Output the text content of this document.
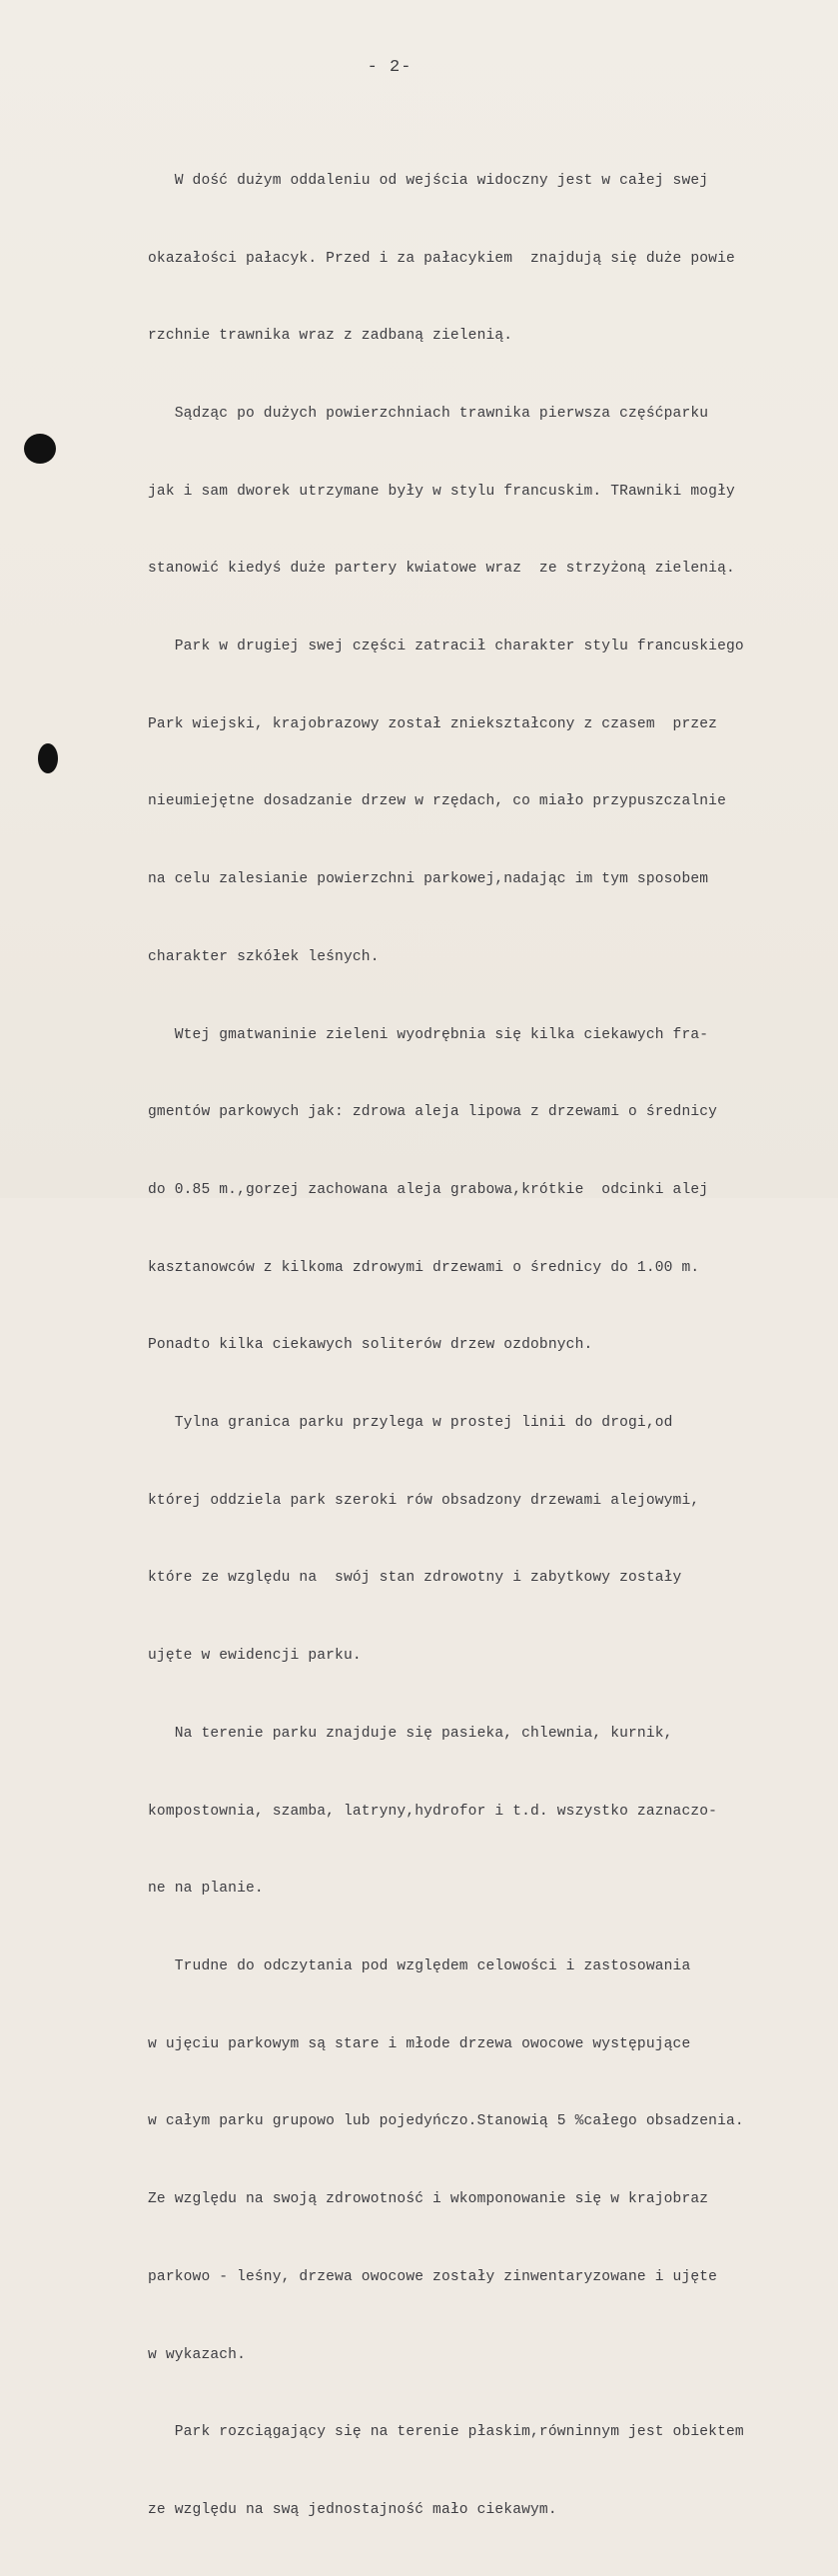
- 2-

W dość dużym oddaleniu od wejścia widoczny jest w całej swej

okazałości pałacyk. Przed i za pałacykiem  znajdują się duże powie

rzchnie trawnika wraz z zadbaną zielenią.

Sądząc po dużych powierzchniach trawnika pierwsza częśćparku

jak i sam dworek utrzymane były w stylu francuskim. TRawniki mogły

stanowić kiedyś duże partery kwiatowe wraz  ze strzyżoną zielenią.

Park w drugiej swej części zatracił charakter stylu francuskiego

Park wiejski, krajobrazowy został zniekształcony z czasem  przez

nieumiejętne dosadzanie drzew w rzędach, co miało przypuszczalnie

na celu zalesianie powierzchni parkowej,nadając im tym sposobem

charakter szkółek leśnych.

Wtej gmatwaninie zieleni wyodrębnia się kilka ciekawych fra-

gmentów parkowych jak: zdrowa aleja lipowa z drzewami o średnicy

do 0.85 m.,gorzej zachowana aleja grabowa,krótkie  odcinki alej

kasztanowców z kilkoma zdrowymi drzewami o średnicy do 1.00 m.

Ponadto kilka ciekawych soliterów drzew ozdobnych.

Tylna granica parku przylega w prostej linii do drogi,od

której oddziela park szeroki rów obsadzony drzewami alejowymi,

które ze względu na  swój stan zdrowotny i zabytkowy zostały

ujęte w ewidencji parku.

Na terenie parku znajduje się pasieka, chlewnia, kurnik,

kompostownia, szamba, latryny,hydrofor i t.d. wszystko zaznaczo-

ne na planie.

Trudne do odczytania pod względem celowości i zastosowania

w ujęciu parkowym są stare i młode drzewa owocowe występujące

w całym parku grupowo lub pojedyńczo.Stanowią 5 %całego obsadzenia.

Ze względu na swoją zdrowotność i wkomponowanie się w krajobraz

parkowo - leśny, drzewa owocowe zostały zinwentaryzowane i ujęte

w wykazach.

Park rozciągający się na terenie płaskim,równinnym jest obiektem

ze względu na swą jednostajność mało ciekawym.
